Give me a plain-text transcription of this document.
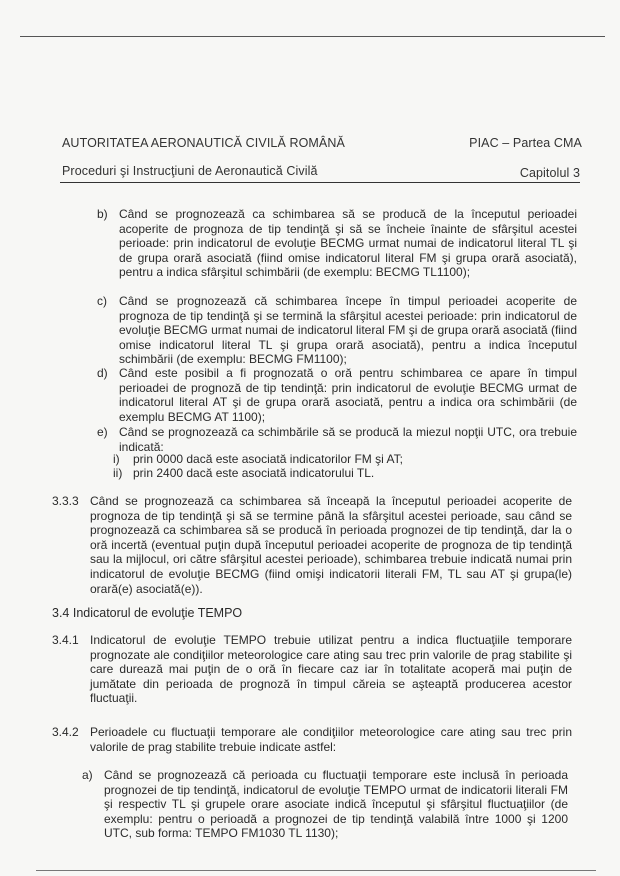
AUTORITATEA AERONAUTICĂ CIVILĂ ROMÂNĂ	PIAC – Partea CMA
Proceduri şi Instrucţiuni de Aeronautică Civilă	Capitolul 3
b) Când se prognozează ca schimbarea să se producă de la începutul perioadei acoperite de prognoza de tip tendinţă şi să se încheie înainte de sfârşitul acestei perioade: prin indicatorul de evoluţie BECMG urmat numai de indicatorul literal TL şi de grupa orară asociată (fiind omise indicatorul literal FM şi grupa orară asociată), pentru a indica sfârşitul schimbării (de exemplu: BECMG TL1100);
c) Când se prognozează că schimbarea începe în timpul perioadei acoperite de prognoza de tip tendinţă şi se termină la sfârşitul acestei perioade: prin indicatorul de evoluţie BECMG urmat numai de indicatorul literal FM şi de grupa orară asociată (fiind omise indicatorul literal TL şi grupa orară asociată), pentru a indica începutul schimbării (de exemplu: BECMG FM1100);
d) Când este posibil a fi prognozată o oră pentru schimbarea ce apare în timpul perioadei de prognoză de tip tendinţă: prin indicatorul de evoluţie BECMG urmat de indicatorul literal AT şi de grupa orară asociată, pentru a indica ora schimbării (de exemplu BECMG AT 1100);
e) Când se prognozează ca schimbările să se producă la miezul nopţii UTC, ora trebuie indicată:
i) prin 0000 dacă este asociată indicatorilor FM şi AT;
ii) prin 2400 dacă este asociată indicatorului TL.
3.3.3 Când se prognozează ca schimbarea să înceapă la începutul perioadei acoperite de prognoza de tip tendinţă şi să se termine până la sfârşitul acestei perioade, sau când se prognozează ca schimbarea să se producă în perioada prognozei de tip tendinţă, dar la o oră incertă (eventual puţin după începutul perioadei acoperite de prognoza de tip tendinţă sau la mijlocul, ori către sfârşitul acestei perioade), schimbarea trebuie indicată numai prin indicatorul de evoluţie BECMG (fiind omişi indicatorii literali FM, TL sau AT şi grupa(le) orară(e) asociată(e)).
3.4 Indicatorul de evoluţie TEMPO
3.4.1 Indicatorul de evoluţie TEMPO trebuie utilizat pentru a indica fluctuaţiile temporare prognozate ale condiţiilor meteorologice care ating sau trec prin valorile de prag stabilite şi care durează mai puţin de o oră în fiecare caz iar în totalitate acoperă mai puţin de jumătate din perioada de prognoză în timpul căreia se aşteaptă producerea acestor fluctuaţii.
3.4.2 Perioadele cu fluctuaţii temporare ale condiţiilor meteorologice care ating sau trec prin valorile de prag stabilite trebuie indicate astfel:
a) Când se prognozează că perioada cu fluctuaţii temporare este inclusă în perioada prognozei de tip tendinţă, indicatorul de evoluţie TEMPO urmat de indicatorii literali FM şi respectiv TL şi grupele orare asociate indică începutul şi sfârşitul fluctuaţiilor (de exemplu: pentru o perioadă a prognozei de tip tendinţă valabilă între 1000 şi 1200 UTC, sub forma: TEMPO FM1030 TL 1130);
